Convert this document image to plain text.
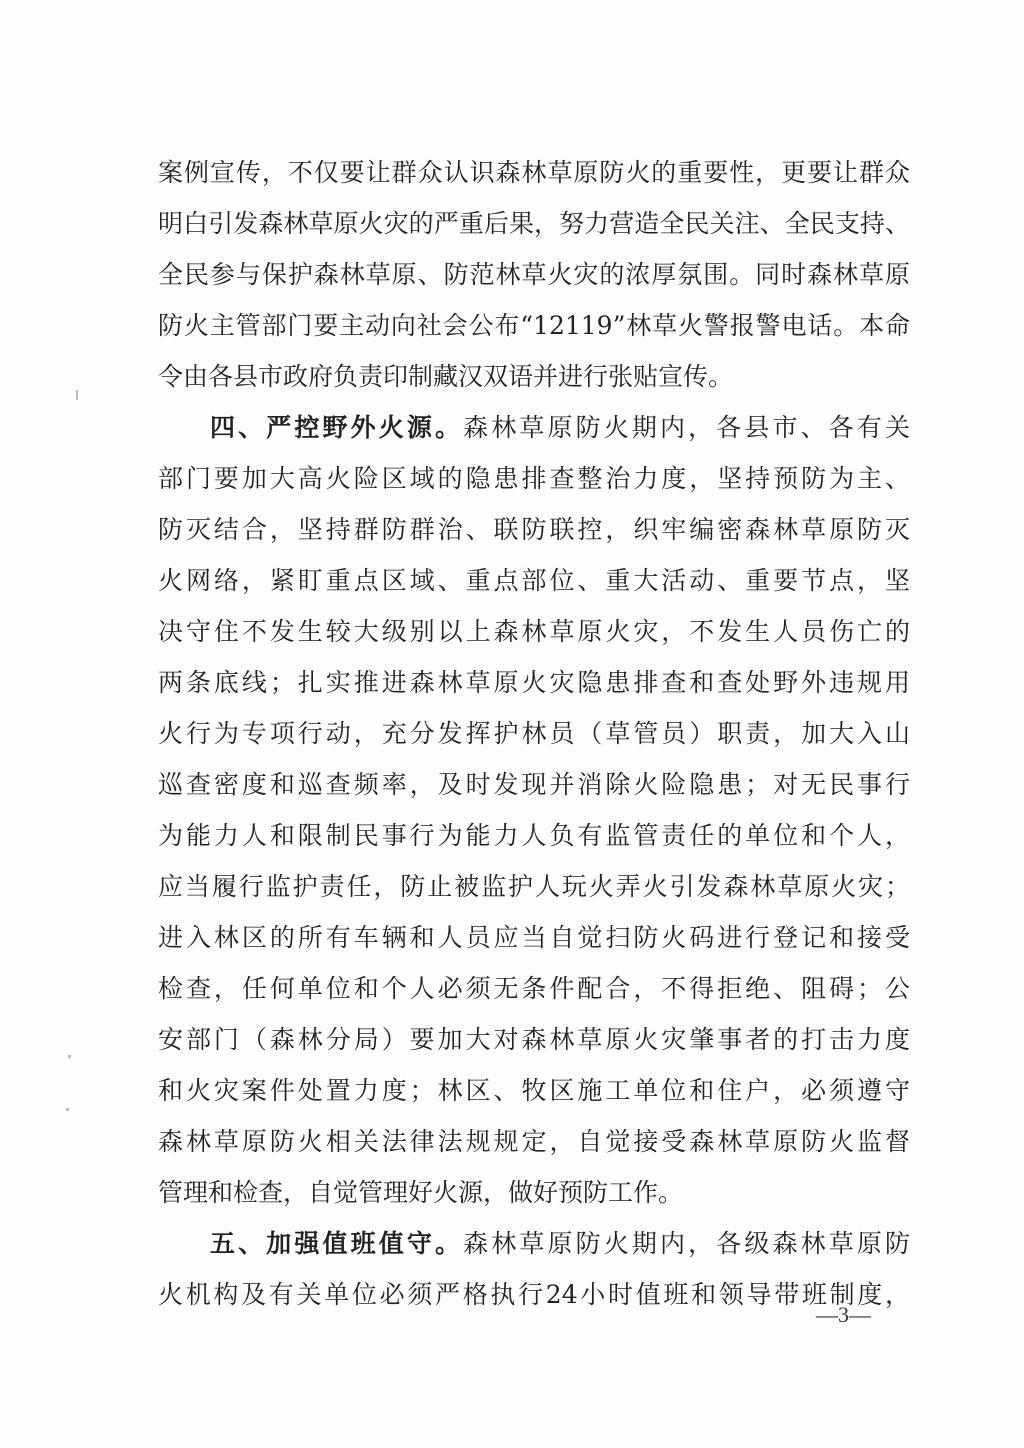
案例宣传，不仅要让群众认识森林草原防火的重要性，更要让群众
明白引发森林草原火灾的严重后果，努力营造全民关注、全民支持、
全民参与保护森林草原、防范林草火灾的浓厚氛围。同时森林草原
防火主管部门要主动向社会公布“12119”林草火警报警电话。本命
令由各县市政府负责印制藏汉双语并进行张贴宣传。
四、严控野外火源。森林草原防火期内，各县市、各有关
部门要加大高火险区域的隐患排查整治力度，坚持预防为主、
防灭结合，坚持群防群治、联防联控，织牢编密森林草原防灭
火网络，紧盯重点区域、重点部位、重大活动、重要节点，坚
决守住不发生较大级别以上森林草原火灾，不发生人员伤亡的
两条底线；扎实推进森林草原火灾隐患排查和查处野外违规用
火行为专项行动，充分发挥护林员（草管员）职责，加大入山
巡查密度和巡查频率，及时发现并消除火险隐患；对无民事行
为能力人和限制民事行为能力人负有监管责任的单位和个人，
应当履行监护责任，防止被监护人玩火弄火引发森林草原火灾；
进入林区的所有车辆和人员应当自觉扫防火码进行登记和接受
检查，任何单位和个人必须无条件配合，不得拒绝、阻碍；公
安部门（森林分局）要加大对森林草原火灾肇事者的打击力度
和火灾案件处置力度；林区、牧区施工单位和住户，必须遵守
森林草原防火相关法律法规规定，自觉接受森林草原防火监督
管理和检查，自觉管理好火源，做好预防工作。
五、加强值班值守。森林草原防火期内，各级森林草原防
火机构及有关单位必须严格执行24小时值班和领导带班制度，
—3—
